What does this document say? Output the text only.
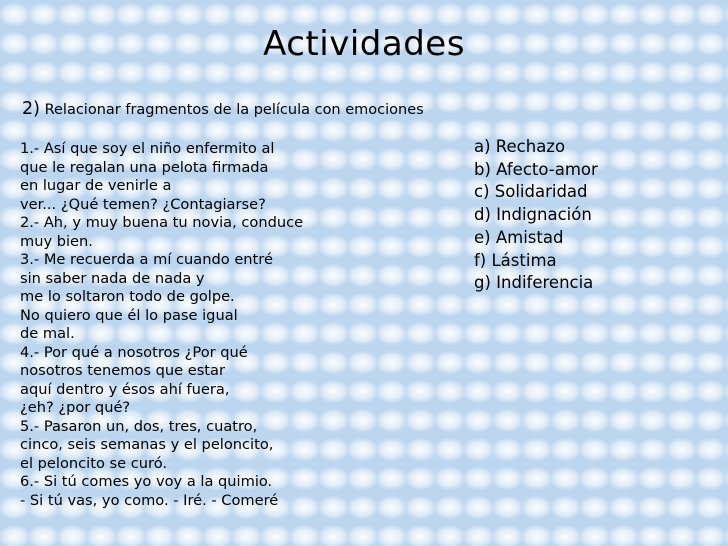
Actividades
2) Relacionar fragmentos de la película con emociones
1.- Así que soy el niño enfermito al
que le regalan una pelota firmada
en lugar de venirle a
ver... ¿Qué temen? ¿Contagiarse?
2.- Ah, y muy buena tu novia, conduce
muy bien.
3.- Me recuerda a mí cuando entré
sin saber nada de nada y
me lo soltaron todo de golpe.
No quiero que él lo pase igual
de mal.
4.- Por qué a nosotros ¿Por qué
nosotros tenemos que estar
aquí dentro y ésos ahí fuera,
¿eh? ¿por qué?
5.- Pasaron un, dos, tres, cuatro,
cinco, seis semanas y el peloncito,
el peloncito se curó.
6.- Si tú comes yo voy a la quimio.
- Si tú vas, yo como. - Iré. - Comeré
a) Rechazo
b) Afecto-amor
c) Solidaridad
d) Indignación
e) Amistad
f) Lástima
g) Indiferencia
